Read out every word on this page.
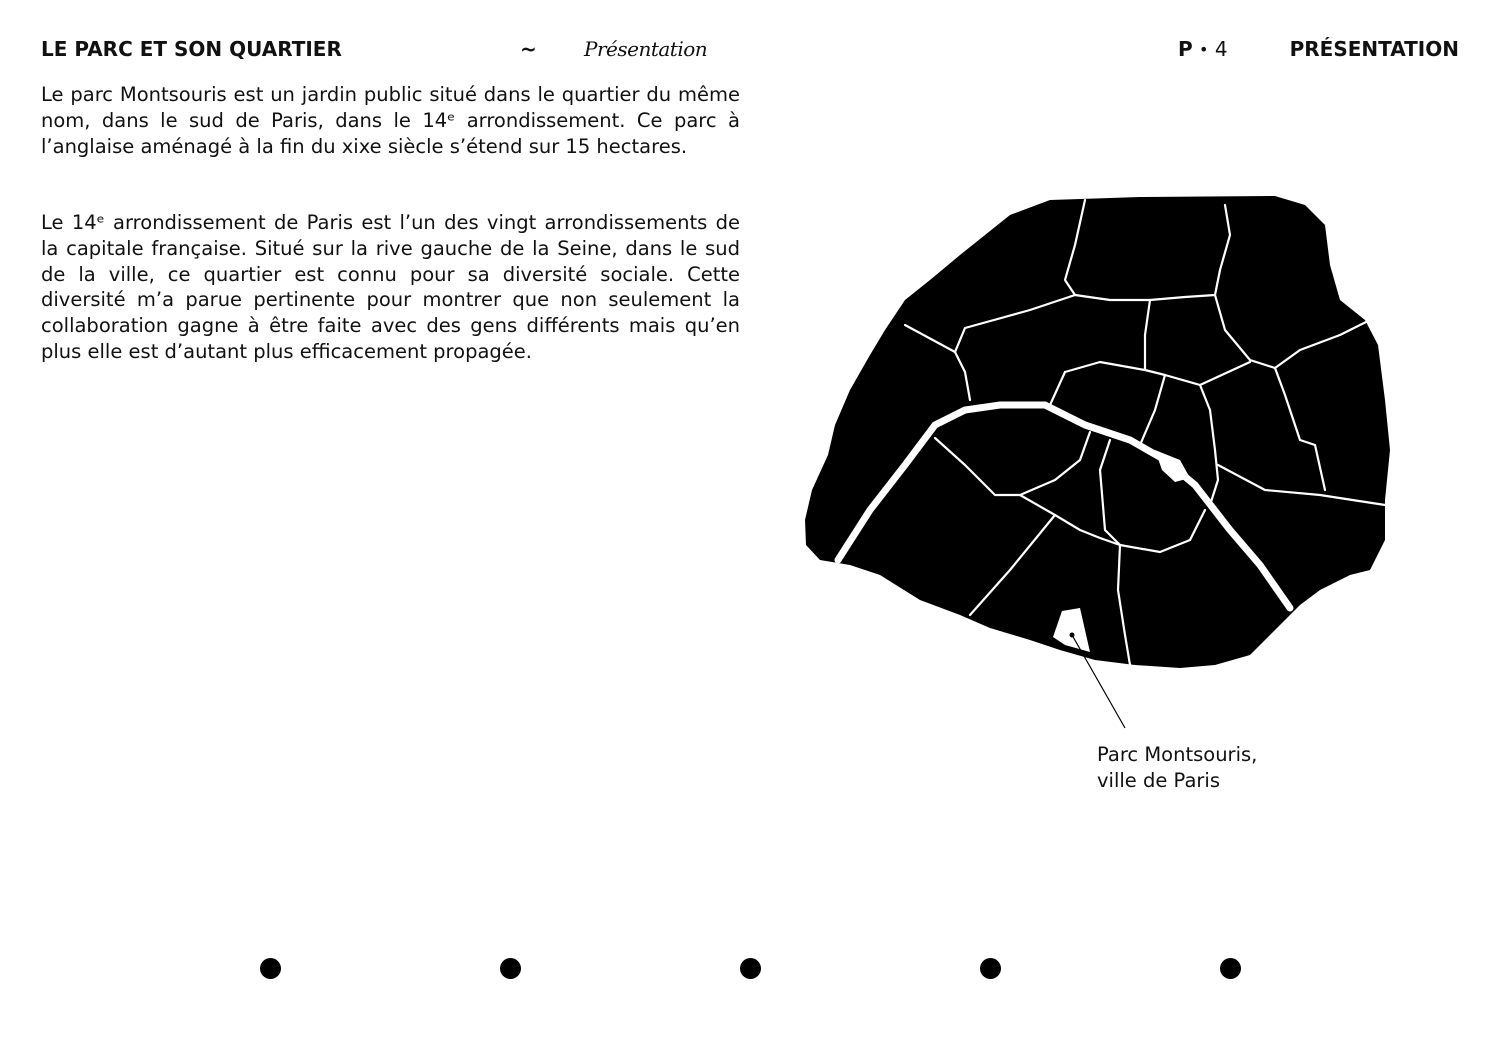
LE PARC ET SON QUARTIER	~ Présentation	P • 4	PRÉSENTATION

Le parc Montsouris est un jardin public situé dans le quartier du même nom, dans le sud de Paris, dans le 14ᵉ arrondissement. Ce parc à l’anglaise aménagé à la fin du xixe siècle s’étend sur 15 hectares.

Le 14ᵉ arrondissement de Paris est l’un des vingt arrondissements de la capitale française. Situé sur la rive gauche de la Seine, dans le sud de la ville, ce quartier est connu pour sa diversité sociale. Cette diversité m’a parue pertinente pour montrer que non seulement la collaboration gagne à être faite avec des gens différents mais qu’en plus elle est d’autant plus efficacement propagée.

Parc Montsouris,
ville de Paris
